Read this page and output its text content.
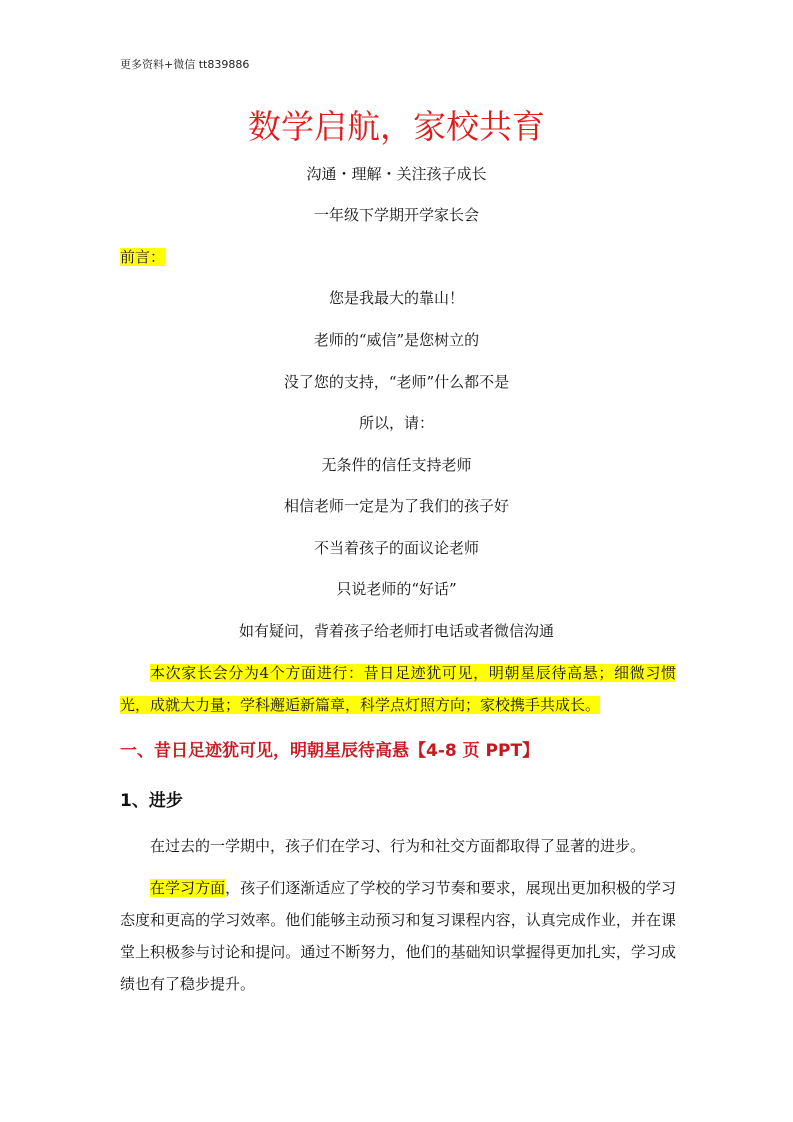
更多资料+微信 tt839886
数学启航，家校共育
沟通・理解・关注孩子成长
一年级下学期开学家长会
前言：
您是我最大的靠山！
老师的“威信”是您树立的
没了您的支持，“老师”什么都不是
所以，请：
无条件的信任支持老师
相信老师一定是为了我们的孩子好
不当着孩子的面议论老师
只说老师的“好话”
如有疑问，背着孩子给老师打电话或者微信沟通

本次家长会分为4个方面进行：昔日足迹犹可见，明朝星辰待高悬；细微习惯光，成就大力量；学科邂逅新篇章，科学点灯照方向；家校携手共成长。

一、昔日足迹犹可见，明朝星辰待高悬【4-8 页 PPT】
1、进步

在过去的一学期中，孩子们在学习、行为和社交方面都取得了显著的进步。

在学习方面，孩子们逐渐适应了学校的学习节奏和要求，展现出更加积极的学习态度和更高的学习效率。他们能够主动预习和复习课程内容，认真完成作业，并在课堂上积极参与讨论和提问。通过不断努力，他们的基础知识掌握得更加扎实，学习成绩也有了稳步提升。
